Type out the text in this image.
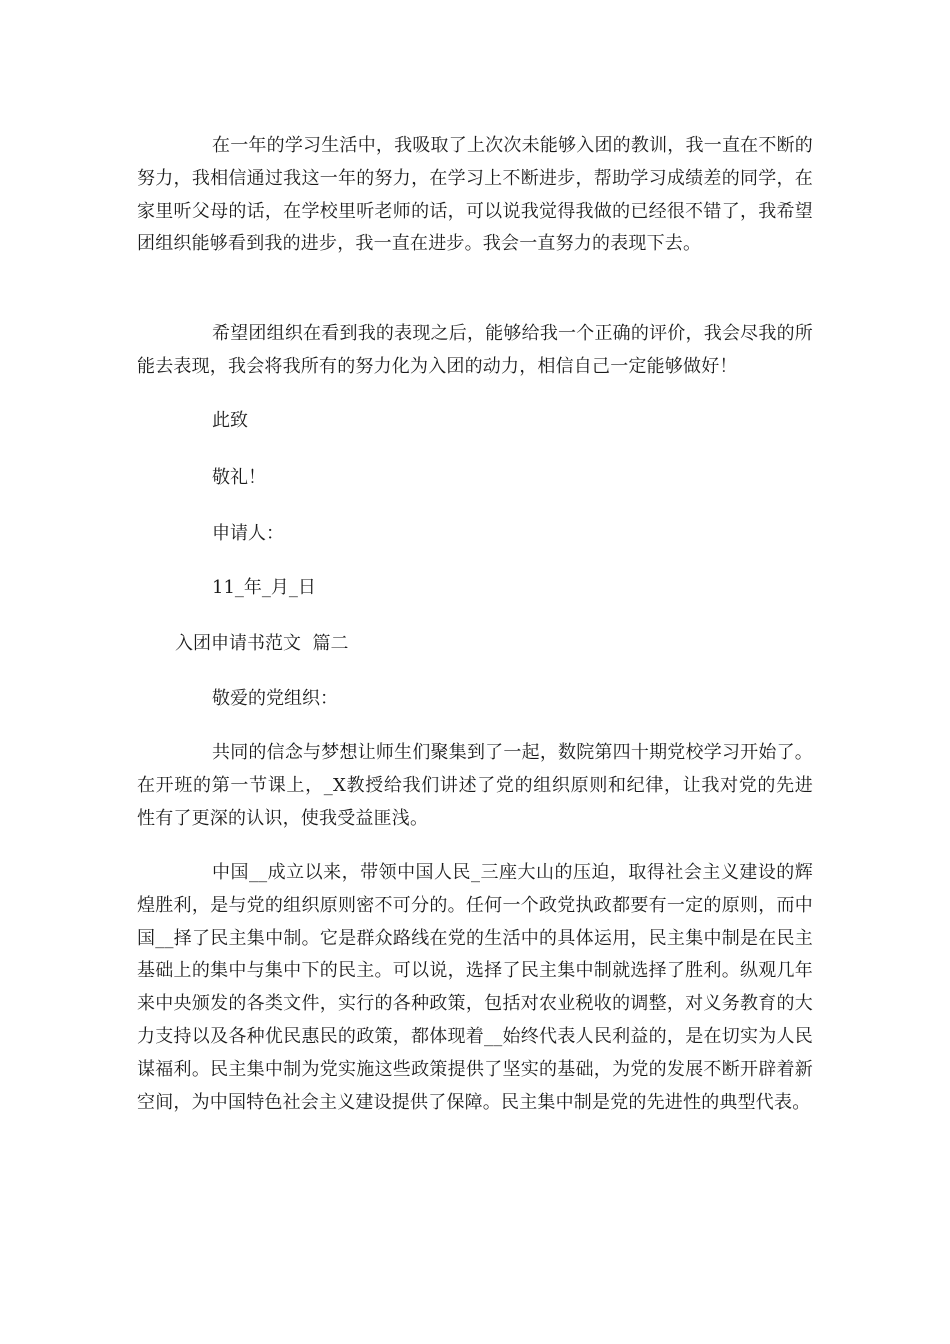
在一年的学习生活中，我吸取了上次次未能够入团的教训，我一直在不断的努力，我相信通过我这一年的努力，在学习上不断进步，帮助学习成绩差的同学，在家里听父母的话，在学校里听老师的话，可以说我觉得我做的已经很不错了，我希望团组织能够看到我的进步，我一直在进步。我会一直努力的表现下去。

希望团组织在看到我的表现之后，能够给我一个正确的评价，我会尽我的所能去表现，我会将我所有的努力化为入团的动力，相信自己一定能够做好！

此致

敬礼！

申请人：

11_年_月_日

入团申请书范文  篇二

敬爱的党组织：

共同的信念与梦想让师生们聚集到了一起，数院第四十期党校学习开始了。在开班的第一节课上，_X教授给我们讲述了党的组织原则和纪律，让我对党的先进性有了更深的认识，使我受益匪浅。

中国__成立以来，带领中国人民_三座大山的压迫，取得社会主义建设的辉煌胜利，是与党的组织原则密不可分的。任何一个政党执政都要有一定的原则，而中国__择了民主集中制。它是群众路线在党的生活中的具体运用，民主集中制是在民主基础上的集中与集中下的民主。可以说，选择了民主集中制就选择了胜利。纵观几年来中央颁发的各类文件，实行的各种政策，包括对农业税收的调整，对义务教育的大力支持以及各种优民惠民的政策，都体现着__始终代表人民利益的，是在切实为人民谋福利。民主集中制为党实施这些政策提供了坚实的基础，为党的发展不断开辟着新空间，为中国特色社会主义建设提供了保障。民主集中制是党的先进性的典型代表。
